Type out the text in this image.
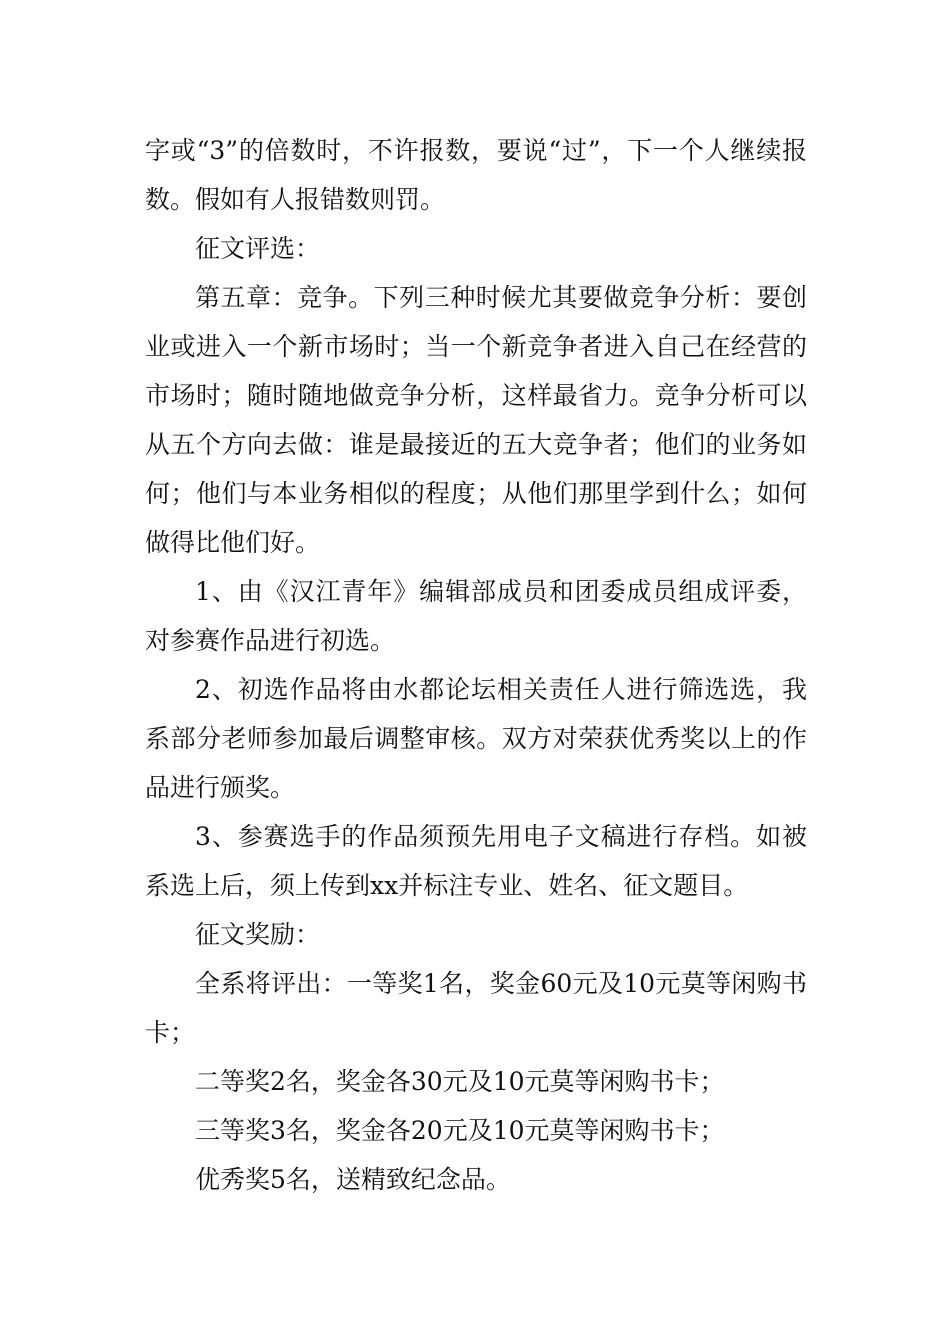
字或“3”的倍数时，不许报数，要说“过”，下一个人继续报数。假如有人报错数则罚。

征文评选：

第五章：竞争。下列三种时候尤其要做竞争分析：要创业或进入一个新市场时；当一个新竞争者进入自己在经营的市场时；随时随地做竞争分析，这样最省力。竞争分析可以从五个方向去做：谁是最接近的五大竞争者；他们的业务如何；他们与本业务相似的程度；从他们那里学到什么；如何做得比他们好。

1、由《汉江青年》编辑部成员和团委成员组成评委，对参赛作品进行初选。

2、初选作品将由水都论坛相关责任人进行筛选选，我系部分老师参加最后调整审核。双方对荣获优秀奖以上的作品进行颁奖。

3、参赛选手的作品须预先用电子文稿进行存档。如被系选上后，须上传到xx并标注专业、姓名、征文题目。

征文奖励：

全系将评出：一等奖1名，奖金60元及10元莫等闲购书卡；

二等奖2名，奖金各30元及10元莫等闲购书卡；

三等奖3名，奖金各20元及10元莫等闲购书卡；

优秀奖5名，送精致纪念品。
